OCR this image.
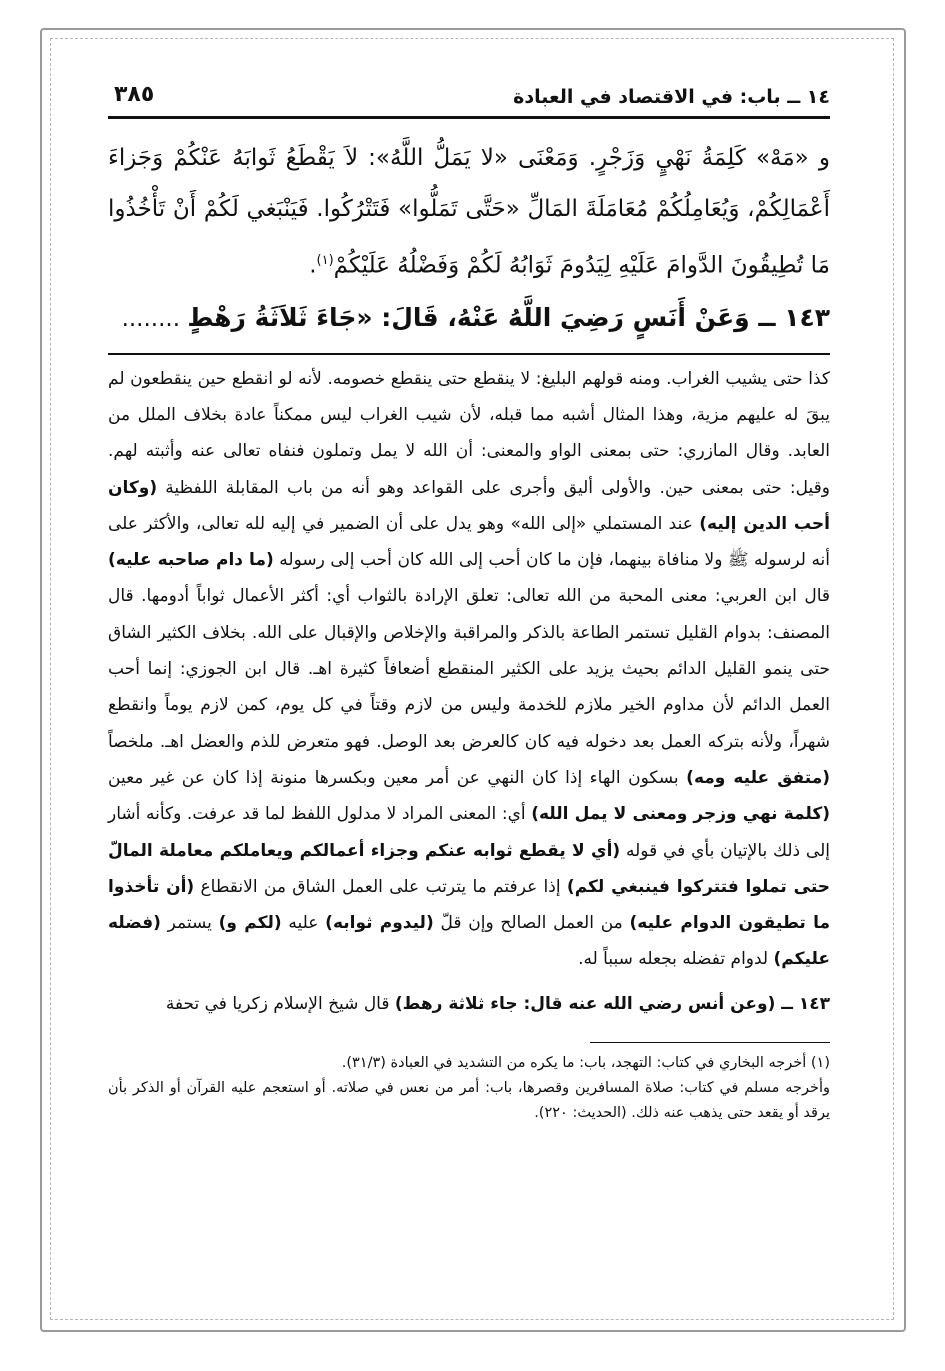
١٤ ــ باب: في الاقتصاد في العبادة
٣٨٥

و «مَهْ» كَلِمَةُ نَهْيٍ وَزَجْرٍ. وَمَعْنَى «لا يَمَلُّ اللَّهُ»: لاَ يَقْطَعُ ثَوابَهُ عَنْكُمْ وَجَزاءَ أَعْمَالِكُمْ، وَيُعَامِلُكُمْ مُعَامَلَةَ المَالِّ «حَتَّى تَمَلُّوا» فَتَتْرُكُوا. فَيَنْبَغي لَكُمْ أَنْ تَأْخُذُوا مَا تُطِيقُونَ الدَّوامَ عَلَيْهِ لِيَدُومَ ثَوَابُهُ لَكُمْ وَفَضْلُهُ عَلَيْكُمْ$^{(١)}$.

١٤٣ ــ وَعَنْ أَنَسٍ رَضِيَ اللَّهُ عَنْهُ، قَالَ: «جَاءَ ثَلاَثَةُ رَهْطٍ ........

كذا حتى يشيب الغراب. ومنه قولهم البليغ: لا ينقطع حتى ينقطع خصومه. لأنه لو انقطع حين ينقطعون لم يبقَ له عليهم مزية، وهذا المثال أشبه مما قبله، لأن شيب الغراب ليس ممكناً عادة بخلاف الملل من العابد. وقال المازري: حتى بمعنى الواو والمعنى: أن الله لا يمل وتملون فنفاه تعالى عنه وأثبته لهم. وقيل: حتى بمعنى حين. والأولى أليق وأجرى على القواعد وهو أنه من باب المقابلة اللفظية (وكان أحب الدين إليه) عند المستملي «إلى الله» وهو يدل على أن الضمير في إليه لله تعالى، والأكثر على أنه لرسوله ﷺ ولا منافاة بينهما، فإن ما كان أحب إلى الله كان أحب إلى رسوله (ما دام صاحبه عليه) قال ابن العربي: معنى المحبة من الله تعالى: تعلق الإرادة بالثواب أي: أكثر الأعمال ثواباً أدومها. قال المصنف: بدوام القليل تستمر الطاعة بالذكر والمراقبة والإخلاص والإقبال على الله. بخلاف الكثير الشاق حتى ينمو القليل الدائم بحيث يزيد على الكثير المنقطع أضعافاً كثيرة اهـ. قال ابن الجوزي: إنما أحب العمل الدائم لأن مداوم الخير ملازم للخدمة وليس من لازم وقتاً في كل يوم، كمن لازم يوماً وانقطع شهراً، ولأنه بتركه العمل بعد دخوله فيه كان كالعرض بعد الوصل. فهو متعرض للذم والعضل اهـ. ملخصاً (متفق عليه ومه) بسكون الهاء إذا كان النهي عن أمر معين وبكسرها منونة إذا كان عن غير معين (كلمة نهي وزجر ومعنى لا يمل الله) أي: المعنى المراد لا مدلول اللفظ لما قد عرفت. وكأنه أشار إلى ذلك بالإتيان بأي في قوله (أي لا يقطع ثوابه عنكم وجزاء أعمالكم ويعاملكم معاملة المالّ حتى تملوا فتتركوا فينبغي لكم) إذا عرفتم ما يترتب على العمل الشاق من الانقطاع (أن تأخذوا ما تطيقون الدوام عليه) من العمل الصالح وإن قلّ (ليدوم ثوابه) عليه (لكم و) يستمر (فضله عليكم) لدوام تفضله بجعله سبباً له.

١٤٣ ــ (وعن أنس رضي الله عنه قال: جاء ثلاثة رهط) قال شيخ الإسلام زكريا في تحفة

(١) أخرجه البخاري في كتاب: التهجد، باب: ما يكره من التشديد في العبادة (٣١/٣).

وأخرجه مسلم في كتاب: صلاة المسافرين وقصرها، باب: أمر من نعس في صلاته. أو استعجم عليه القرآن أو الذكر بأن يرقد أو يقعد حتى يذهب عنه ذلك. (الحديث: ٢٢٠).
